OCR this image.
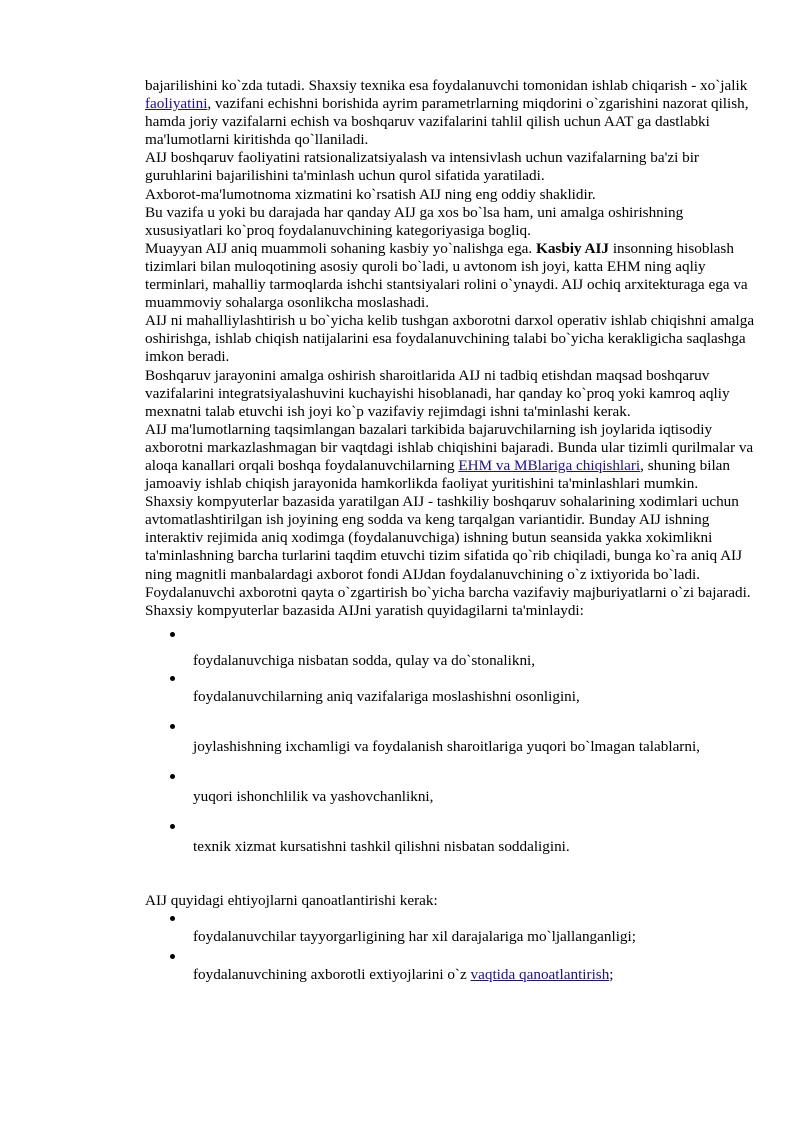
bajarilishini ko`zda tutadi. Shaxsiy texnika esa foydalanuvchi tomonidan ishlab chiqarish - xo`jalik faoliyatini, vazifani echishni borishida ayrim parametrlarning miqdorini o`zgarishini nazorat qilish, hamda joriy vazifalarni echish va boshqaruv vazifalarini tahlil qilish uchun AAT ga dastlabki ma'lumotlarni kiritishda qo`llaniladi.

AIJ boshqaruv faoliyatini ratsionalizatsiyalash va intensivlash uchun vazifalarning ba'zi bir guruhlarini bajarilishini ta'minlash uchun qurol sifatida yaratiladi.

Axborot-ma'lumotnoma xizmatini ko`rsatish AIJ ning eng oddiy shaklidir.

Bu vazifa u yoki bu darajada har qanday AIJ ga xos bo`lsa ham, uni amalga oshirishning xususiyatlari ko`proq foydalanuvchining kategoriyasiga bogliq.

Muayyan AIJ aniq muammoli sohaning kasbiy yo`nalishga ega. Kasbiy AIJ insonning hisoblash tizimlari bilan muloqotining asosiy quroli bo`ladi, u avtonom ish joyi, katta EHM ning aqliy terminlari, mahalliy tarmoqlarda ishchi stantsiyalari rolini o`ynaydi. AIJ ochiq arxitekturaga ega va muammoviy sohalarga osonlikcha moslashadi.

AIJ ni mahalliylashtirish u bo`yicha kelib tushgan axborotni darxol operativ ishlab chiqishni amalga oshirishga, ishlab chiqish natijalarini esa foydalanuvchining talabi bo`yicha kerakligicha saqlashga imkon beradi.

Boshqaruv jarayonini amalga oshirish sharoitlarida AIJ ni tadbiq etishdan maqsad boshqaruv vazifalarini integratsiyalashuvini kuchayishi hisoblanadi, har qanday ko`proq yoki kamroq aqliy mexnatni talab etuvchi ish joyi ko`p vazifaviy rejimdagi ishni ta'minlashi kerak.

AIJ ma'lumotlarning taqsimlangan bazalari tarkibida bajaruvchilarning ish joylarida iqtisodiy axborotni markazlashmagan bir vaqtdagi ishlab chiqishini bajaradi. Bunda ular tizimli qurilmalar va aloqa kanallari orqali boshqa foydalanuvchilarning EHM va MBlariga chiqishlari, shuning bilan jamoaviy ishlab chiqish jarayonida hamkorlikda faoliyat yuritishini ta'minlashlari mumkin.

Shaxsiy kompyuterlar bazasida yaratilgan AIJ - tashkiliy boshqaruv sohalarining xodimlari uchun avtomatlashtirilgan ish joyining eng sodda va keng tarqalgan variantidir. Bunday AIJ ishning interaktiv rejimida aniq xodimga (foydalanuvchiga) ishning butun seansida yakka xokimlikni ta'minlashning barcha turlarini taqdim etuvchi tizim sifatida qo`rib chiqiladi, bunga ko`ra aniq AIJ ning magnitli manbalardagi axborot fondi AIJdan foydalanuvchining o`z ixtiyorida bo`ladi. Foydalanuvchi axborotni qayta o`zgartirish bo`yicha barcha vazifaviy majburiyatlarni o`zi bajaradi.

Shaxsiy kompyuterlar bazasida AIJni yaratish quyidagilarni ta'minlaydi:

foydalanuvchiga nisbatan sodda, qulay va do`stonalikni,
foydalanuvchilarning aniq vazifalariga moslashishni osonligini,
joylashishning ixchamligi va foydalanish sharoitlariga yuqori bo`lmagan talablarni,
yuqori ishonchlilik va yashovchanlikni,
texnik xizmat kursatishni tashkil qilishni nisbatan soddaligini.

AIJ quyidagi ehtiyojlarni qanoatlantirishi kerak:

foydalanuvchilar tayyorgarligining har xil darajalariga mo`ljallanganligi;
foydalanuvchining axborotli extiyojlarini o`z vaqtida qanoatlantirish;
